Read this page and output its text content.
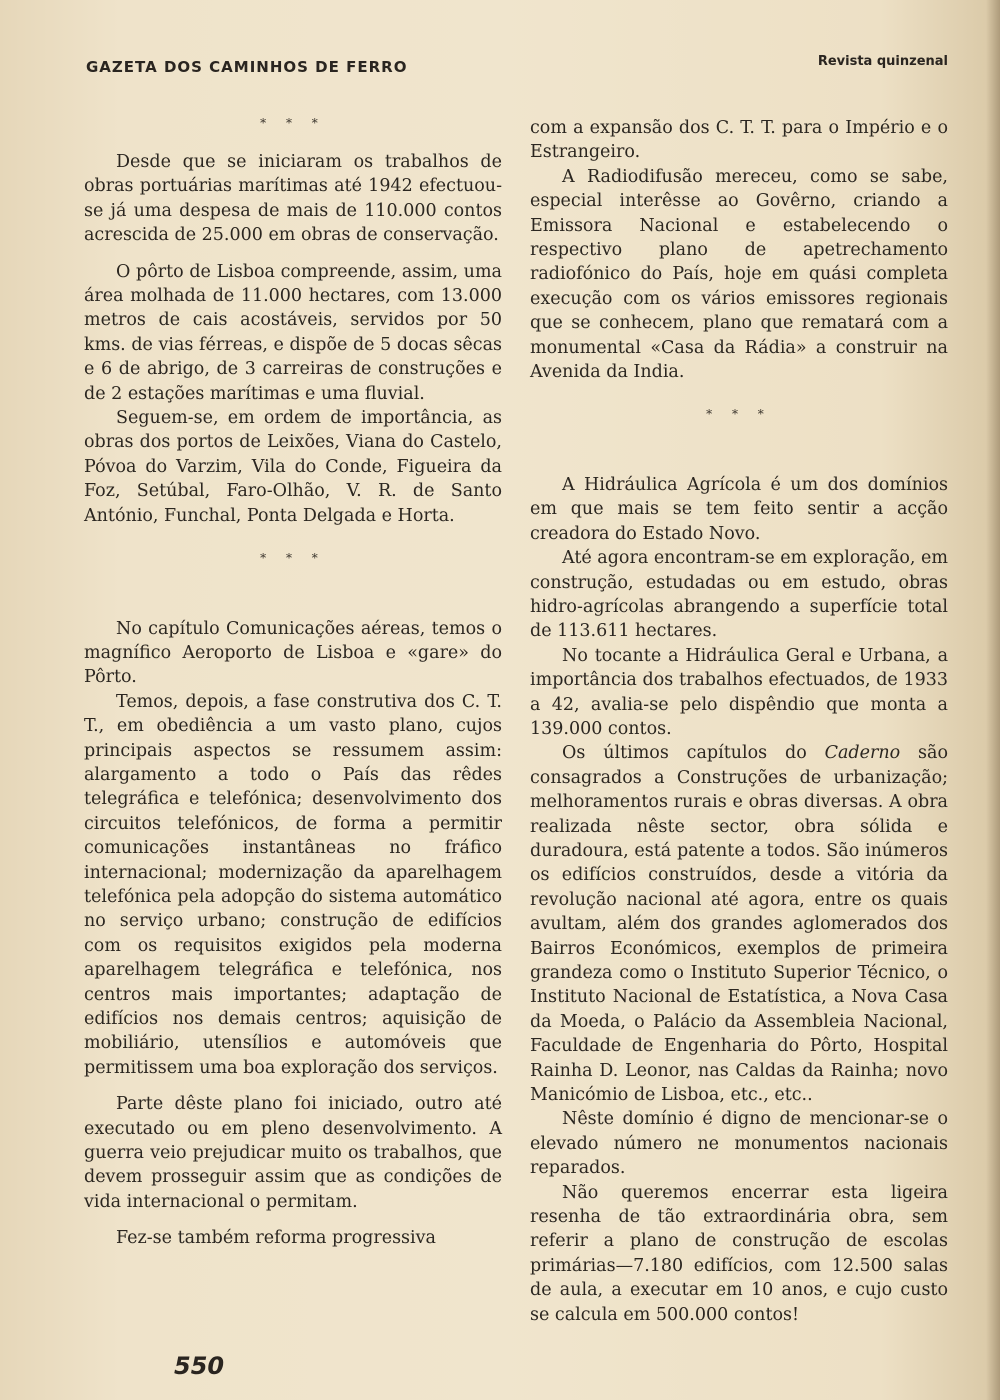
GAZETA DOS CAMINHOS DE FERRO	Revista quinzenal
* * *

Desde que se iniciaram os trabalhos de obras portuárias marítimas até 1942 efectuou-se já uma despesa de mais de 110.000 contos acrescida de 25.000 em obras de conservação.

O pôrto de Lisboa compreende, assim, uma área molhada de 11.000 hectares, com 13.000 metros de cais acostáveis, servidos por 50 kms. de vias férreas, e dispõe de 5 docas sêcas e 6 de abrigo, de 3 carreiras de construções e de 2 estações marítimas e uma fluvial.

Seguem-se, em ordem de importância, as obras dos portos de Leixões, Viana do Castelo, Póvoa do Varzim, Vila do Conde, Figueira da Foz, Setúbal, Faro-Olhão, V. R. de Santo António, Funchal, Ponta Delgada e Horta.

* * *

No capítulo Comunicações aéreas, temos o magnífico Aeroporto de Lisboa e «gare» do Pôrto.

Temos, depois, a fase construtiva dos C. T. T., em obediência a um vasto plano, cujos principais aspectos se ressumem assim: alargamento a todo o País das rêdes telegráfica e telefónica; desenvolvimento dos circuitos telefónicos, de forma a permitir comunicações instantâneas no fráfico internacional; modernização da aparelhagem telefónica pela adopção do sistema automático no serviço urbano; construção de edifícios com os requisitos exigidos pela moderna aparelhagem telegráfica e telefónica, nos centros mais importantes; adaptação de edifícios nos demais centros; aquisição de mobiliário, utensílios e automóveis que permitissem uma boa exploração dos serviços.

Parte dêste plano foi iniciado, outro até executado ou em pleno desenvolvimento. A guerra veio prejudicar muito os trabalhos, que devem prosseguir assim que as condições de vida internacional o permitam.

Fez-se também reforma progressiva

com a expansão dos C. T. T. para o Império e o Estrangeiro.

A Radiodifusão mereceu, como se sabe, especial interêsse ao Govêrno, criando a Emissora Nacional e estabelecendo o respectivo plano de apetrechamento radiofónico do País, hoje em quási completa execução com os vários emissores regionais que se conhecem, plano que rematará com a monumental «Casa da Rádia» a construir na Avenida da India.

* * *

A Hidráulica Agrícola é um dos domínios em que mais se tem feito sentir a acção creadora do Estado Novo.

Até agora encontram-se em exploração, em construção, estudadas ou em estudo, obras hidro-agrícolas abrangendo a superfície total de 113.611 hectares.

No tocante a Hidráulica Geral e Urbana, a importância dos trabalhos efectuados, de 1933 a 42, avalia-se pelo dispêndio que monta a 139.000 contos.

Os últimos capítulos do Caderno são consagrados a Construções de urbanização; melhoramentos rurais e obras diversas. A obra realizada nêste sector, obra sólida e duradoura, está patente a todos. São inúmeros os edifícios construídos, desde a vitória da revolução nacional até agora, entre os quais avultam, além dos grandes aglomerados dos Bairros Económicos, exemplos de primeira grandeza como o Instituto Superior Técnico, o Instituto Nacional de Estatística, a Nova Casa da Moeda, o Palácio da Assembleia Nacional, Faculdade de Engenharia do Pôrto, Hospital Rainha D. Leonor, nas Caldas da Rainha; novo Manicómio de Lisboa, etc., etc..

Nêste domínio é digno de mencionar-se o elevado número ne monumentos nacionais reparados.

Não queremos encerrar esta ligeira resenha de tão extraordinária obra, sem referir a plano de construção de escolas primárias—7.180 edifícios, com 12.500 salas de aula, a executar em 10 anos, e cujo custo se calcula em 500.000 contos!

550
